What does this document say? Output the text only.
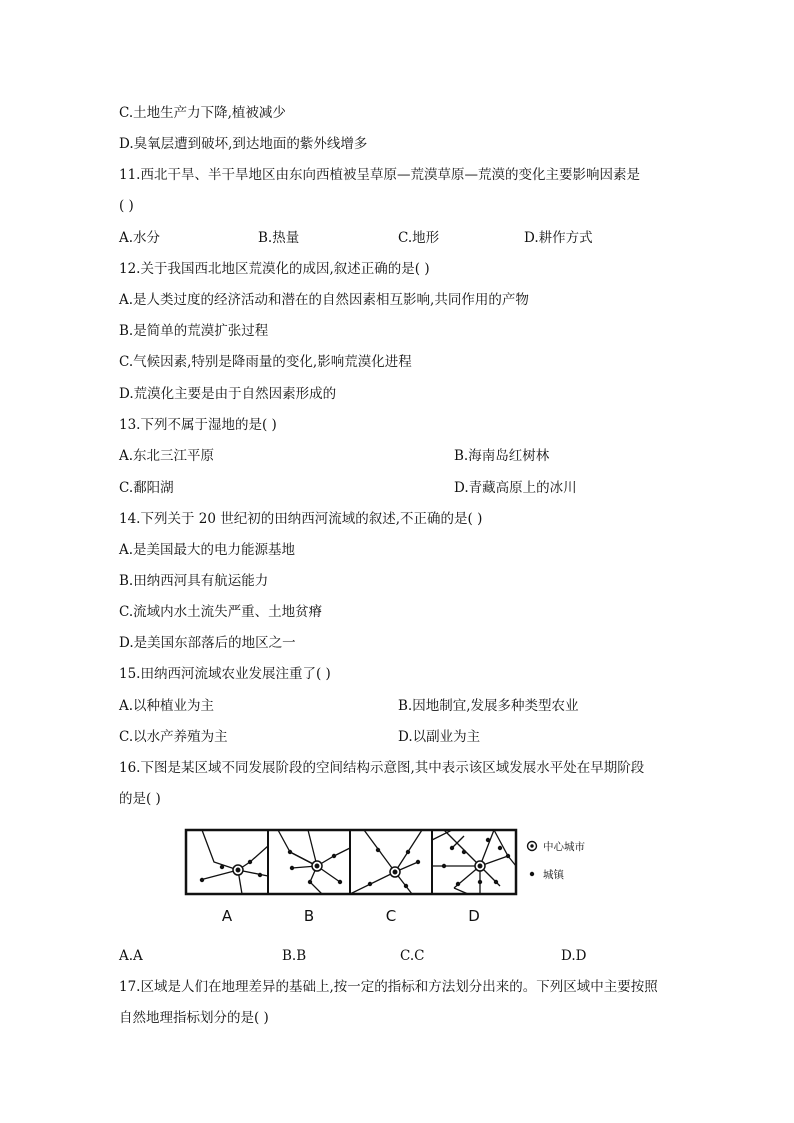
C.土地生产力下降,植被减少
D.臭氧层遭到破坏,到达地面的紫外线增多
11.西北干旱、半干旱地区由东向西植被呈草原—荒漠草原—荒漠的变化主要影响因素是
( )
A.水分	B.热量	C.地形	D.耕作方式
12.关于我国西北地区荒漠化的成因,叙述正确的是( )
A.是人类过度的经济活动和潜在的自然因素相互影响,共同作用的产物
B.是简单的荒漠扩张过程
C.气候因素,特别是降雨量的变化,影响荒漠化进程
D.荒漠化主要是由于自然因素形成的
13.下列不属于湿地的是( )
A.东北三江平原	B.海南岛红树林
C.鄱阳湖	D.青藏高原上的冰川
14.下列关于 20 世纪初的田纳西河流域的叙述,不正确的是( )
A.是美国最大的电力能源基地
B.田纳西河具有航运能力
C.流域内水土流失严重、土地贫瘠
D.是美国东部落后的地区之一
15.田纳西河流域农业发展注重了( )
A.以种植业为主	B.因地制宜,发展多种类型农业
C.以水产养殖为主	D.以副业为主
16.下图是某区域不同发展阶段的空间结构示意图,其中表示该区域发展水平处在早期阶段
的是( )
A	B	C	D
中心城市
城镇
A.A	B.B	C.C	D.D
17.区域是人们在地理差异的基础上,按一定的指标和方法划分出来的。下列区域中主要按照
自然地理指标划分的是( )
